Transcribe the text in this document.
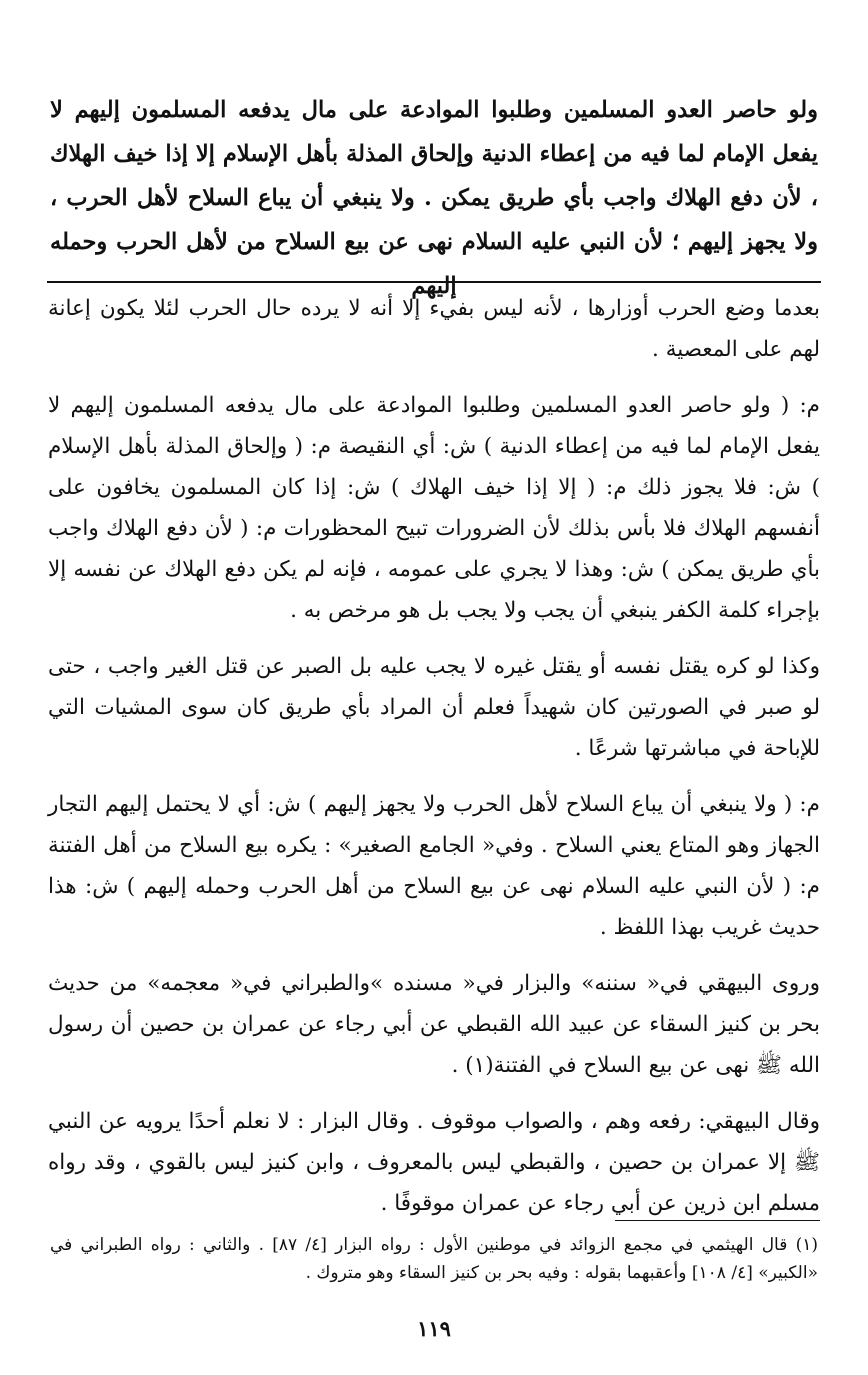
ولو حاصر العدو المسلمين وطلبوا الموادعة على مال يدفعه المسلمون إليهم لا يفعل الإمام لما فيه من إعطاء الدنية وإلحاق المذلة بأهل الإسلام إلا إذا خيف الهلاك ، لأن دفع الهلاك واجب بأي طريق يمكن . ولا ينبغي أن يباع السلاح لأهل الحرب ، ولا يجهز إليهم ؛ لأن النبي عليه السلام نهى عن بيع السلاح من لأهل الحرب وحمله إليهم

بعدما وضع الحرب أوزارها ، لأنه ليس بفيء إلا أنه لا يرده حال الحرب لئلا يكون إعانة لهم على المعصية .

م: ( ولو حاصر العدو المسلمين وطلبوا الموادعة على مال يدفعه المسلمون إليهم لا يفعل الإمام لما فيه من إعطاء الدنية ) ش: أي النقيصة م: ( وإلحاق المذلة بأهل الإسلام ) ش: فلا يجوز ذلك م: ( إلا إذا خيف الهلاك ) ش: إذا كان المسلمون يخافون على أنفسهم الهلاك فلا بأس بذلك لأن الضرورات تبيح المحظورات م: ( لأن دفع الهلاك واجب بأي طريق يمكن ) ش: وهذا لا يجري على عمومه ، فإنه لم يكن دفع الهلاك عن نفسه إلا بإجراء كلمة الكفر ينبغي أن يجب ولا يجب بل هو مرخص به .

وكذا لو كره يقتل نفسه أو يقتل غيره لا يجب عليه بل الصبر عن قتل الغير واجب ، حتى لو صبر في الصورتين كان شهيداً فعلم أن المراد بأي طريق كان سوى المشيات التي للإباحة في مباشرتها شرعًا .

م: ( ولا ينبغي أن يباع السلاح لأهل الحرب ولا يجهز إليهم ) ش: أي لا يحتمل إليهم التجار الجهاز وهو المتاع يعني السلاح . وفي« الجامع الصغير» : يكره بيع السلاح من أهل الفتنة م: ( لأن النبي عليه السلام نهى عن بيع السلاح من أهل الحرب وحمله إليهم ) ش: هذا حديث غريب بهذا اللفظ .

وروى البيهقي في« سننه» والبزار في« مسنده »والطبراني في« معجمه» من حديث بحر بن كنيز السقاء عن عبيد الله القبطي عن أبي رجاء عن عمران بن حصين أن رسول الله ﷺ نهى عن بيع السلاح في الفتنة(١) .

وقال البيهقي: رفعه وهم ، والصواب موقوف . وقال البزار : لا نعلم أحدًا يرويه عن النبي ﷺ إلا عمران بن حصين ، والقبطي ليس بالمعروف ، وابن كنيز ليس بالقوي ، وقد رواه مسلم ابن ذرين عن أبي رجاء عن عمران موقوفًا .

(١) قال الهيثمي في مجمع الزوائد في موطنين الأول : رواه البزار [٤/ ٨٧] . والثاني : رواه الطبراني في «الكبير» [٤/ ١٠٨] وأعقبهما بقوله : وفيه بحر بن كنيز السقاء وهو متروك .
١١٩
